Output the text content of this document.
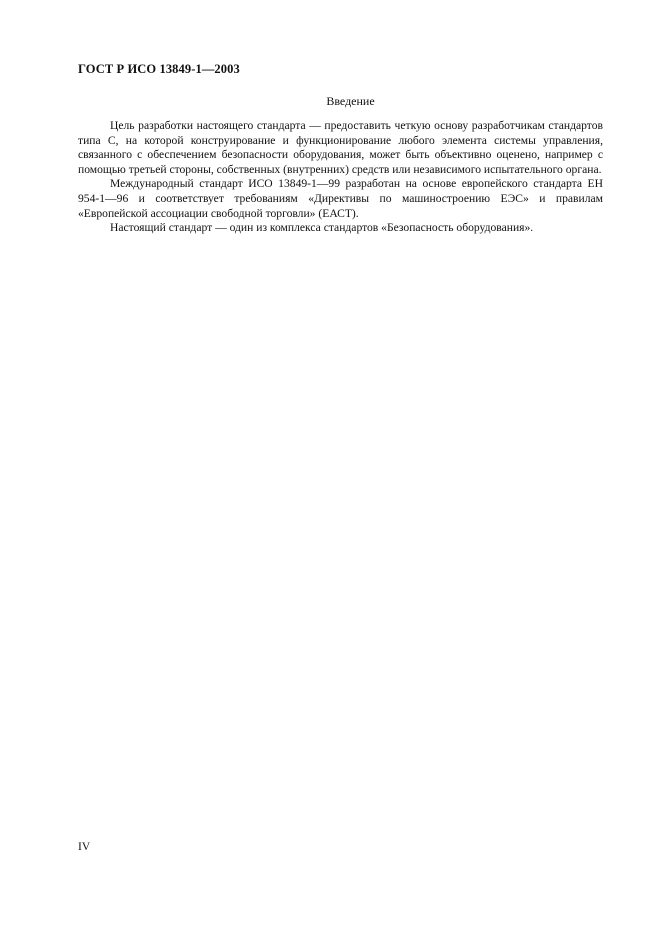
ГОСТ Р ИСО 13849-1—2003
Введение

Цель разработки настоящего стандарта — предоставить четкую основу разработчикам стандартов типа С, на которой конструирование и функционирование любого элемента системы управления, связанного с обеспечением безопасности оборудования, может быть объективно оценено, например с помощью третьей стороны, собственных (внутренних) средств или независимого испытательного органа.

Международный стандарт ИСО 13849-1—99 разработан на основе европейского стандарта ЕН 954-1—96 и соответствует требованиям «Директивы по машиностроению ЕЭС» и правилам «Европейской ассоциации свободной торговли» (ЕАСТ).

Настоящий стандарт — один из комплекса стандартов «Безопасность оборудования».

IV
